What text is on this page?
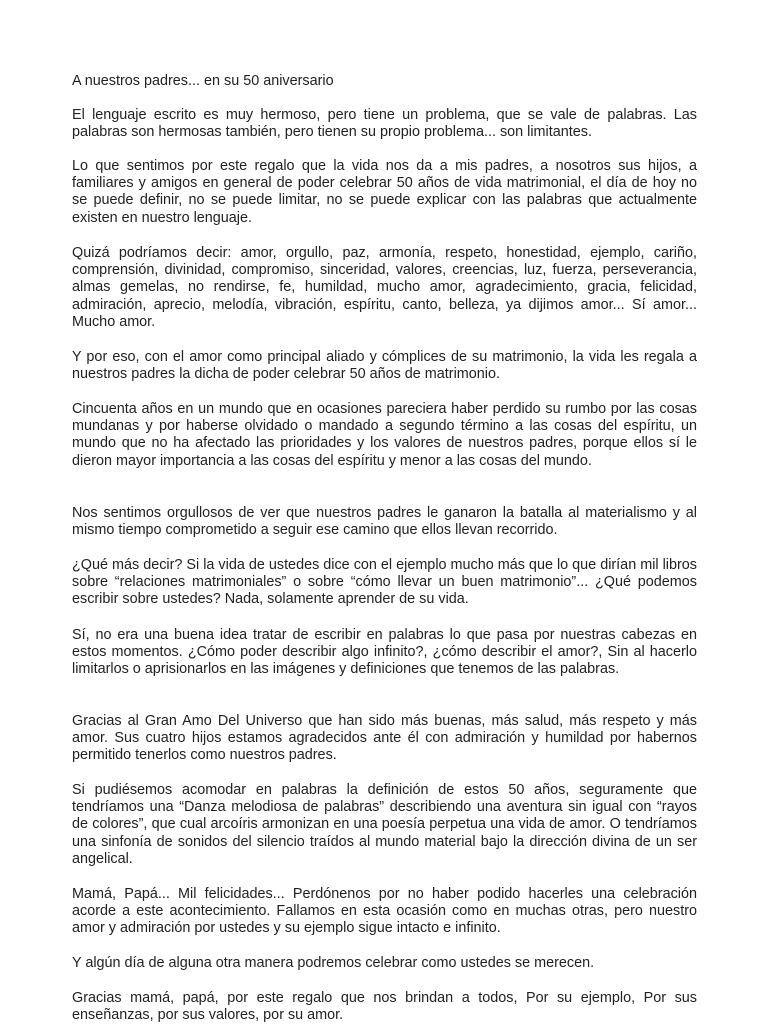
A nuestros padres... en su 50 aniversario

El lenguaje escrito es muy hermoso, pero tiene un problema, que se vale de palabras. Las palabras son hermosas también, pero tienen su propio problema... son limitantes.

Lo que sentimos por este regalo que la vida nos da a mis padres, a nosotros sus hijos, a familiares y amigos en general de poder celebrar 50 años de vida matrimonial, el día de hoy no se puede definir, no se puede limitar, no se puede explicar con las palabras que actualmente existen en nuestro lenguaje.

Quizá podríamos decir: amor, orgullo, paz, armonía, respeto, honestidad, ejemplo, cariño, comprensión, divinidad, compromiso, sinceridad, valores, creencias, luz, fuerza, perseverancia, almas gemelas, no rendirse, fe, humildad, mucho amor, agradecimiento, gracia, felicidad, admiración, aprecio, melodía, vibración, espíritu, canto, belleza, ya dijimos amor... Sí amor... Mucho amor.

Y por eso, con el amor como principal aliado y cómplices de su matrimonio, la vida les regala a nuestros padres la dicha de poder celebrar 50 años de matrimonio.

Cincuenta años en un mundo que en ocasiones pareciera haber perdido su rumbo por las cosas mundanas y por haberse olvidado o mandado a segundo término a las cosas del espíritu, un mundo que no ha afectado las prioridades y los valores de nuestros padres, porque ellos sí le dieron mayor importancia a las cosas del espíritu y menor a las cosas del mundo.

Nos sentimos orgullosos de ver que nuestros padres le ganaron la batalla al materialismo y al mismo tiempo comprometido a seguir ese camino que ellos llevan recorrido.

¿Qué más decir? Si la vida de ustedes dice con el ejemplo mucho más que lo que dirían mil libros sobre “relaciones matrimoniales” o sobre “cómo llevar un buen matrimonio”... ¿Qué podemos escribir sobre ustedes? Nada, solamente aprender de su vida.

Sí, no era una buena idea tratar de escribir en palabras lo que pasa por nuestras cabezas en estos momentos. ¿Cómo poder describir algo infinito?, ¿cómo describir el amor?, Sin al hacerlo limitarlos o aprisionarlos en las imágenes y definiciones que tenemos de las palabras.

Gracias al Gran Amo Del Universo que han sido más buenas, más salud, más respeto y más amor. Sus cuatro hijos estamos agradecidos ante él con admiración y humildad por habernos permitido tenerlos como nuestros padres.

Si pudiésemos acomodar en palabras la definición de estos 50 años, seguramente que tendríamos una “Danza melodiosa de palabras” describiendo una aventura sin igual con “rayos de colores”, que cual arcoíris armonizan en una poesía perpetua una vida de amor. O tendríamos una sinfonía de sonidos del silencio traídos al mundo material bajo la dirección divina de un ser angelical.

Mamá, Papá... Mil felicidades... Perdónenos por no haber podido hacerles una celebración acorde a este acontecimiento. Fallamos en esta ocasión como en muchas otras, pero nuestro amor y admiración por ustedes y su ejemplo sigue intacto e infinito.

Y algún día de alguna otra manera podremos celebrar como ustedes se merecen.

Gracias mamá, papá, por este regalo que nos brindan a todos, Por su ejemplo, Por sus enseñanzas, por sus valores, por su amor.
